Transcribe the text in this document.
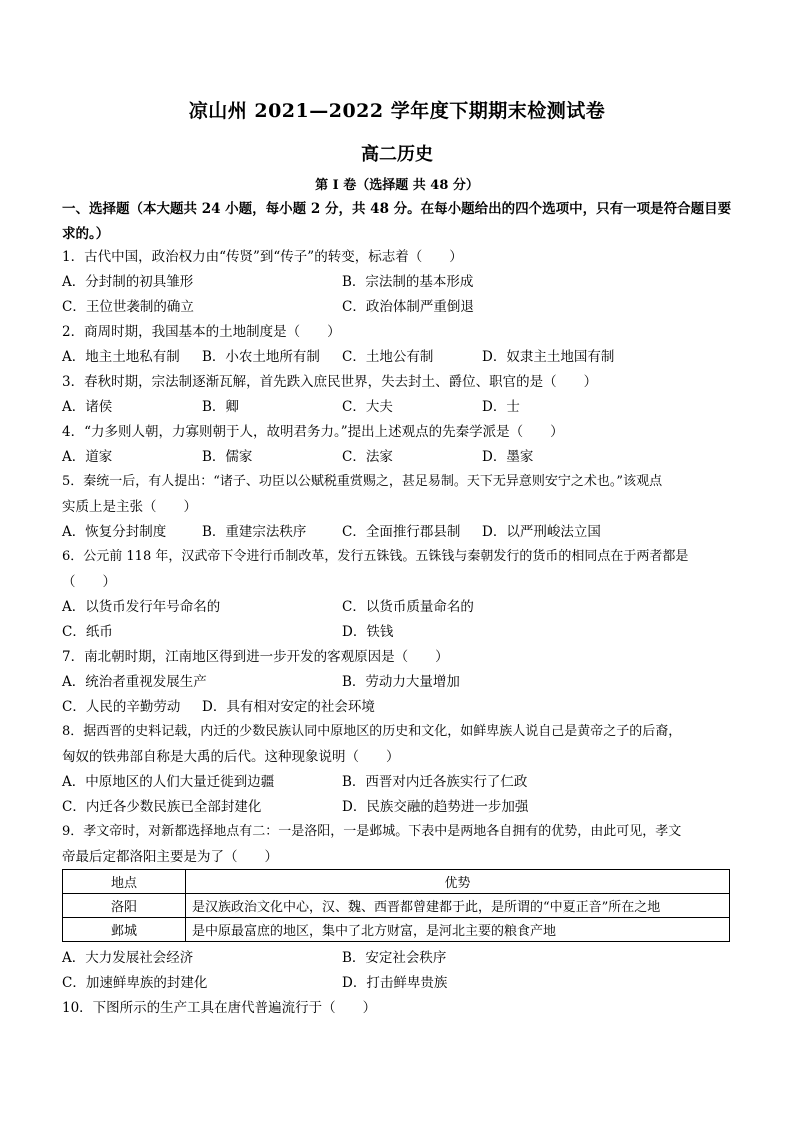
凉山州 2021—2022 学年度下期期末检测试卷
高二历史
第 I 卷（选择题 共 48 分）
一、选择题（本大题共 24 小题，每小题 2 分，共 48 分。在每小题给出的四个选项中，只有一项是符合题目要求的。）
1．古代中国，政治权力由“传贤”到“传子”的转变，标志着（　　）
A．分封制的初具雏形	B．宗法制的基本形成
C．王位世袭制的确立	C．政治体制严重倒退
2．商周时期，我国基本的土地制度是（　　）
A．地主土地私有制 B．小农土地所有制 C．土地公有制	D．奴隶主土地国有制
3．春秋时期，宗法制逐渐瓦解，首先跌入庶民世界，失去封土、爵位、职官的是（　　）
A．诸侯	B．卿	C．大夫	D．士
4．“力多则人朝，力寡则朝于人，故明君务力。”提出上述观点的先秦学派是（　　）
A．道家	B．儒家	C．法家	D．墨家
5．秦统一后，有人提出：“诸子、功臣以公赋税重赏赐之，甚足易制。天下无异意则安宁之术也。”该观点
实质上是主张（　　）
A．恢复分封制度	B．重建宗法秩序	C．全面推行郡县制 D．以严刑峻法立国
6．公元前 118 年，汉武帝下令进行币制改革，发行五铢钱。五铢钱与秦朝发行的货币的相同点在于两者都是
（　　）
A．以货币发行年号命名的	C．以货币质量命名的
C．纸币	D．铁钱
7．南北朝时期，江南地区得到进一步开发的客观原因是（　　）
A．统治者重视发展生产	B．劳动力大量增加
C．人民的辛勤劳动 D．具有相对安定的社会环境
8．据西晋的史料记载，内迁的少数民族认同中原地区的历史和文化，如鲜卑族人说自己是黄帝之子的后裔，
匈奴的铁弗部自称是大禹的后代。这种现象说明（　　）
A．中原地区的人们大量迁徙到边疆	B．西晋对内迁各族实行了仁政
C．内迁各少数民族已全部封建化	D．民族交融的趋势进一步加强
9．孝文帝时，对新都选择地点有二：一是洛阳，一是邺城。下表中是两地各自拥有的优势，由此可见，孝文
帝最后定都洛阳主要是为了（　　）
地点	优势
洛阳	是汉族政治文化中心，汉、魏、西晋都曾建都于此，是所谓的“中夏正音”所在之地
邺城	是中原最富庶的地区，集中了北方财富，是河北主要的粮食产地
A．大力发展社会经济	B．安定社会秩序
C．加速鲜卑族的封建化	D．打击鲜卑贵族
10．下图所示的生产工具在唐代普遍流行于（　　）
